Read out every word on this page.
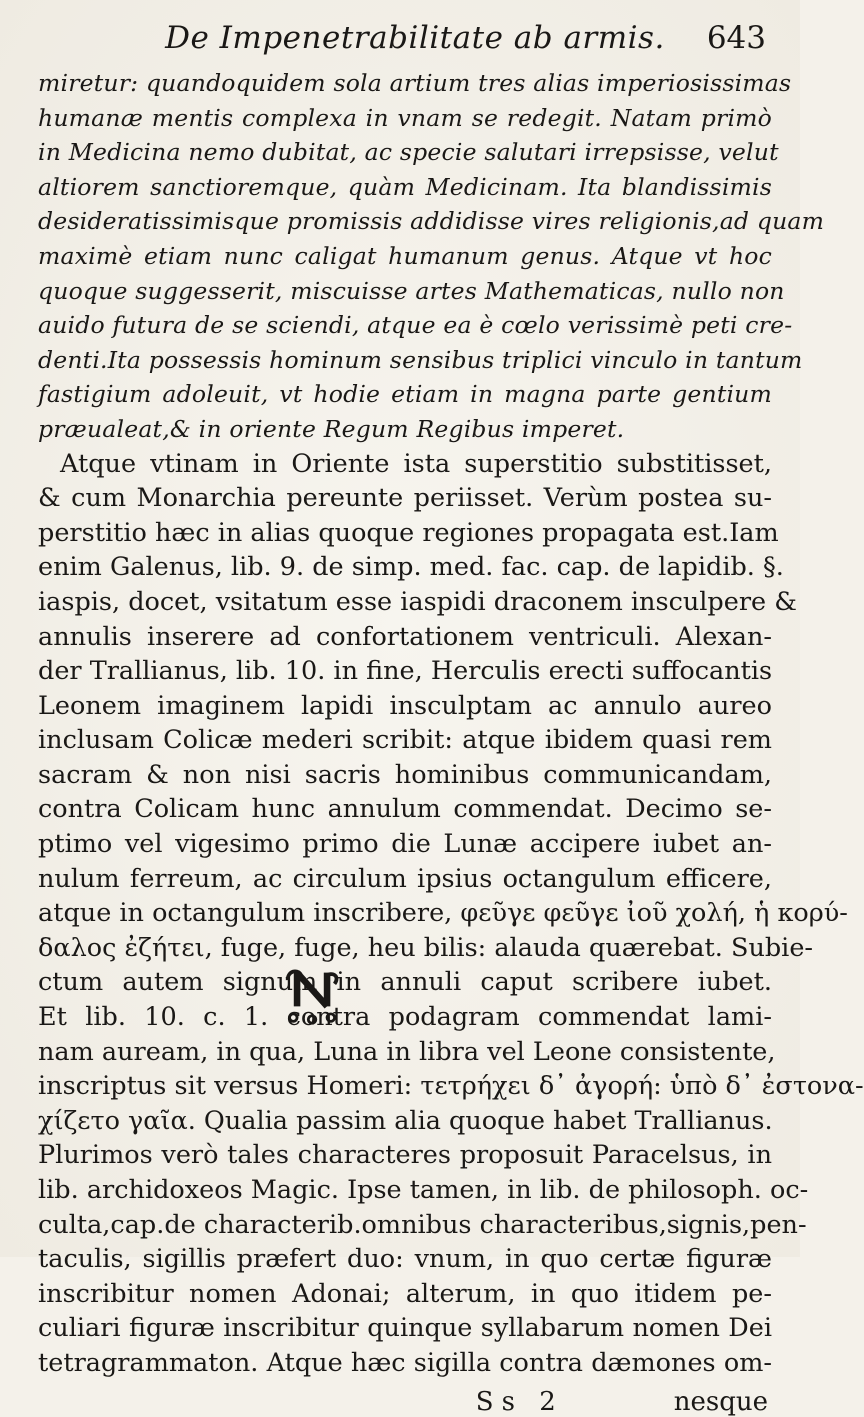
De Impenetrabilitate ab armis. 643
miretur: quandoquidem sola artium tres alias imperiosissimas
humanæ mentis complexa in vnam se redegit. Natam primò
in Medicina nemo dubitat, ac specie salutari irrepsisse, velut
altiorem sanctioremque, quàm Medicinam. Ita blandissimis
desideratissimisque promissis addidisse vires religionis,ad quam
maximè etiam nunc caligat humanum genus. Atque vt hoc
quoque suggesserit, miscuisse artes Mathematicas, nullo non
auido futura de se sciendi, atque ea è cœlo verissimè peti cre-
denti.Ita possessis hominum sensibus triplici vinculo in tantum
fastigium adoleuit, vt hodie etiam in magna parte gentium
præualeat,& in oriente Regum Regibus imperet.
Atque vtinam in Oriente ista superstitio substitisset,
& cum Monarchia pereunte periisset. Verùm postea su-
perstitio hæc in alias quoque regiones propagata est.Iam
enim Galenus, lib. 9. de simp. med. fac. cap. de lapidib. §.
iaspis, docet, vsitatum esse iaspidi draconem insculpere &
annulis inserere ad confortationem ventriculi. Alexan-
der Trallianus, lib. 10. in fine, Herculis erecti suffocantis
Leonem imaginem lapidi insculptam ac annulo aureo
inclusam Colicæ mederi scribit: atque ibidem quasi rem
sacram & non nisi sacris hominibus communicandam,
contra Colicam hunc annulum commendat. Decimo se-
ptimo vel vigesimo primo die Lunæ accipere iubet an-
nulum ferreum, ac circulum ipsius octangulum efficere,
atque in octangulum inscribere, φεῦγε φεῦγε ἰοῦ χολή, ἡ κορύ-
δαλος ἐζήτει, fuge, fuge, heu bilis: alauda quærebat. Subie-
ctum autem signum in annuli caput scribere iubet.
Et lib. 10. c. 1. contra podagram commendat lami-
nam auream, in qua, Luna in libra vel Leone consistente,
inscriptus sit versus Homeri: τετρήχει δ᾽ ἀγορή: ὑπὸ δ᾽ ἐστονα-
χίζετο γαῖα. Qualia passim alia quoque habet Trallianus.
Plurimos verò tales characteres proposuit Paracelsus, in
lib. archidoxeos Magic. Ipse tamen, in lib. de philosoph. oc-
culta,cap.de characterib.omnibus characteribus,signis,pen-
taculis, sigillis præfert duo: vnum, in quo certæ figuræ
inscribitur nomen Adonai; alterum, in quo itidem pe-
culiari figuræ inscribitur quinque syllabarum nomen Dei
tetragrammaton. Atque hæc sigilla contra dæmones om-
Ss 2	nesque
